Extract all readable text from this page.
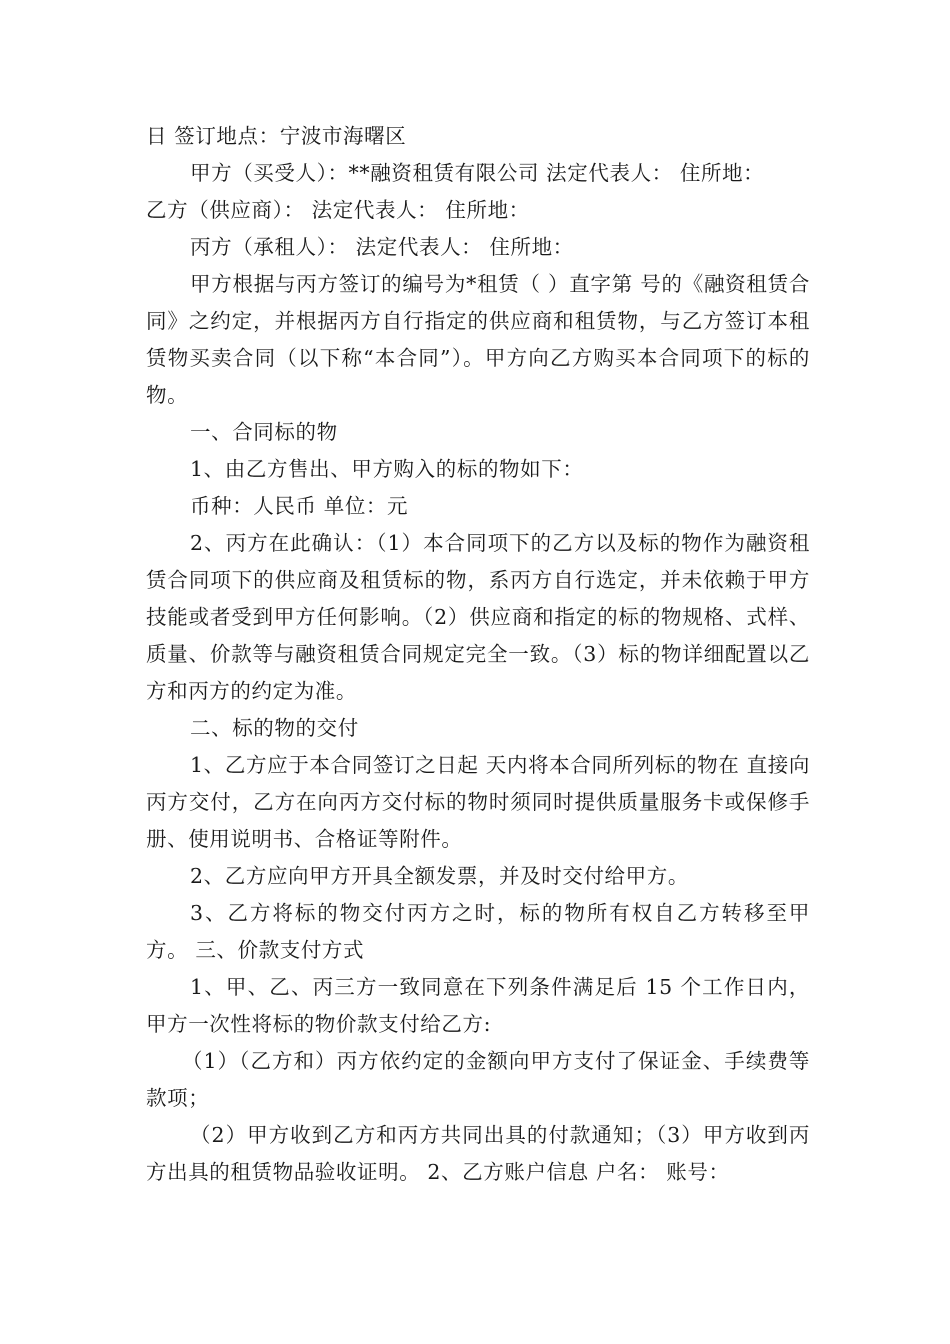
日 签订地点：宁波市海曙区

甲方（买受人）：**融资租赁有限公司 法定代表人： 住所地：

乙方（供应商）： 法定代表人： 住所地：

丙方（承租人）： 法定代表人： 住所地：

甲方根据与丙方签订的编号为*租赁（ ）直字第 号的《融资租赁合同》之约定，并根据丙方自行指定的供应商和租赁物，与乙方签订本租赁物买卖合同（以下称“本合同”）。甲方向乙方购买本合同项下的标的物。

一、合同标的物

1、由乙方售出、甲方购入的标的物如下：

币种：人民币 单位：元

2、丙方在此确认：（1）本合同项下的乙方以及标的物作为融资租赁合同项下的供应商及租赁标的物，系丙方自行选定，并未依赖于甲方技能或者受到甲方任何影响。（2）供应商和指定的标的物规格、式样、质量、价款等与融资租赁合同规定完全一致。（3）标的物详细配置以乙方和丙方的约定为准。

二、标的物的交付

1、乙方应于本合同签订之日起 天内将本合同所列标的物在 直接向丙方交付，乙方在向丙方交付标的物时须同时提供质量服务卡或保修手册、使用说明书、合格证等附件。

2、乙方应向甲方开具全额发票，并及时交付给甲方。

3、乙方将标的物交付丙方之时，标的物所有权自乙方转移至甲方。 三、价款支付方式

1、甲、乙、丙三方一致同意在下列条件满足后 15 个工作日内，甲方一次性将标的物价款支付给乙方:

（1）（乙方和）丙方依约定的金额向甲方支付了保证金、手续费等款项；

（2）甲方收到乙方和丙方共同出具的付款通知；（3）甲方收到丙方出具的租赁物品验收证明。 2、乙方账户信息 户名： 账号：
